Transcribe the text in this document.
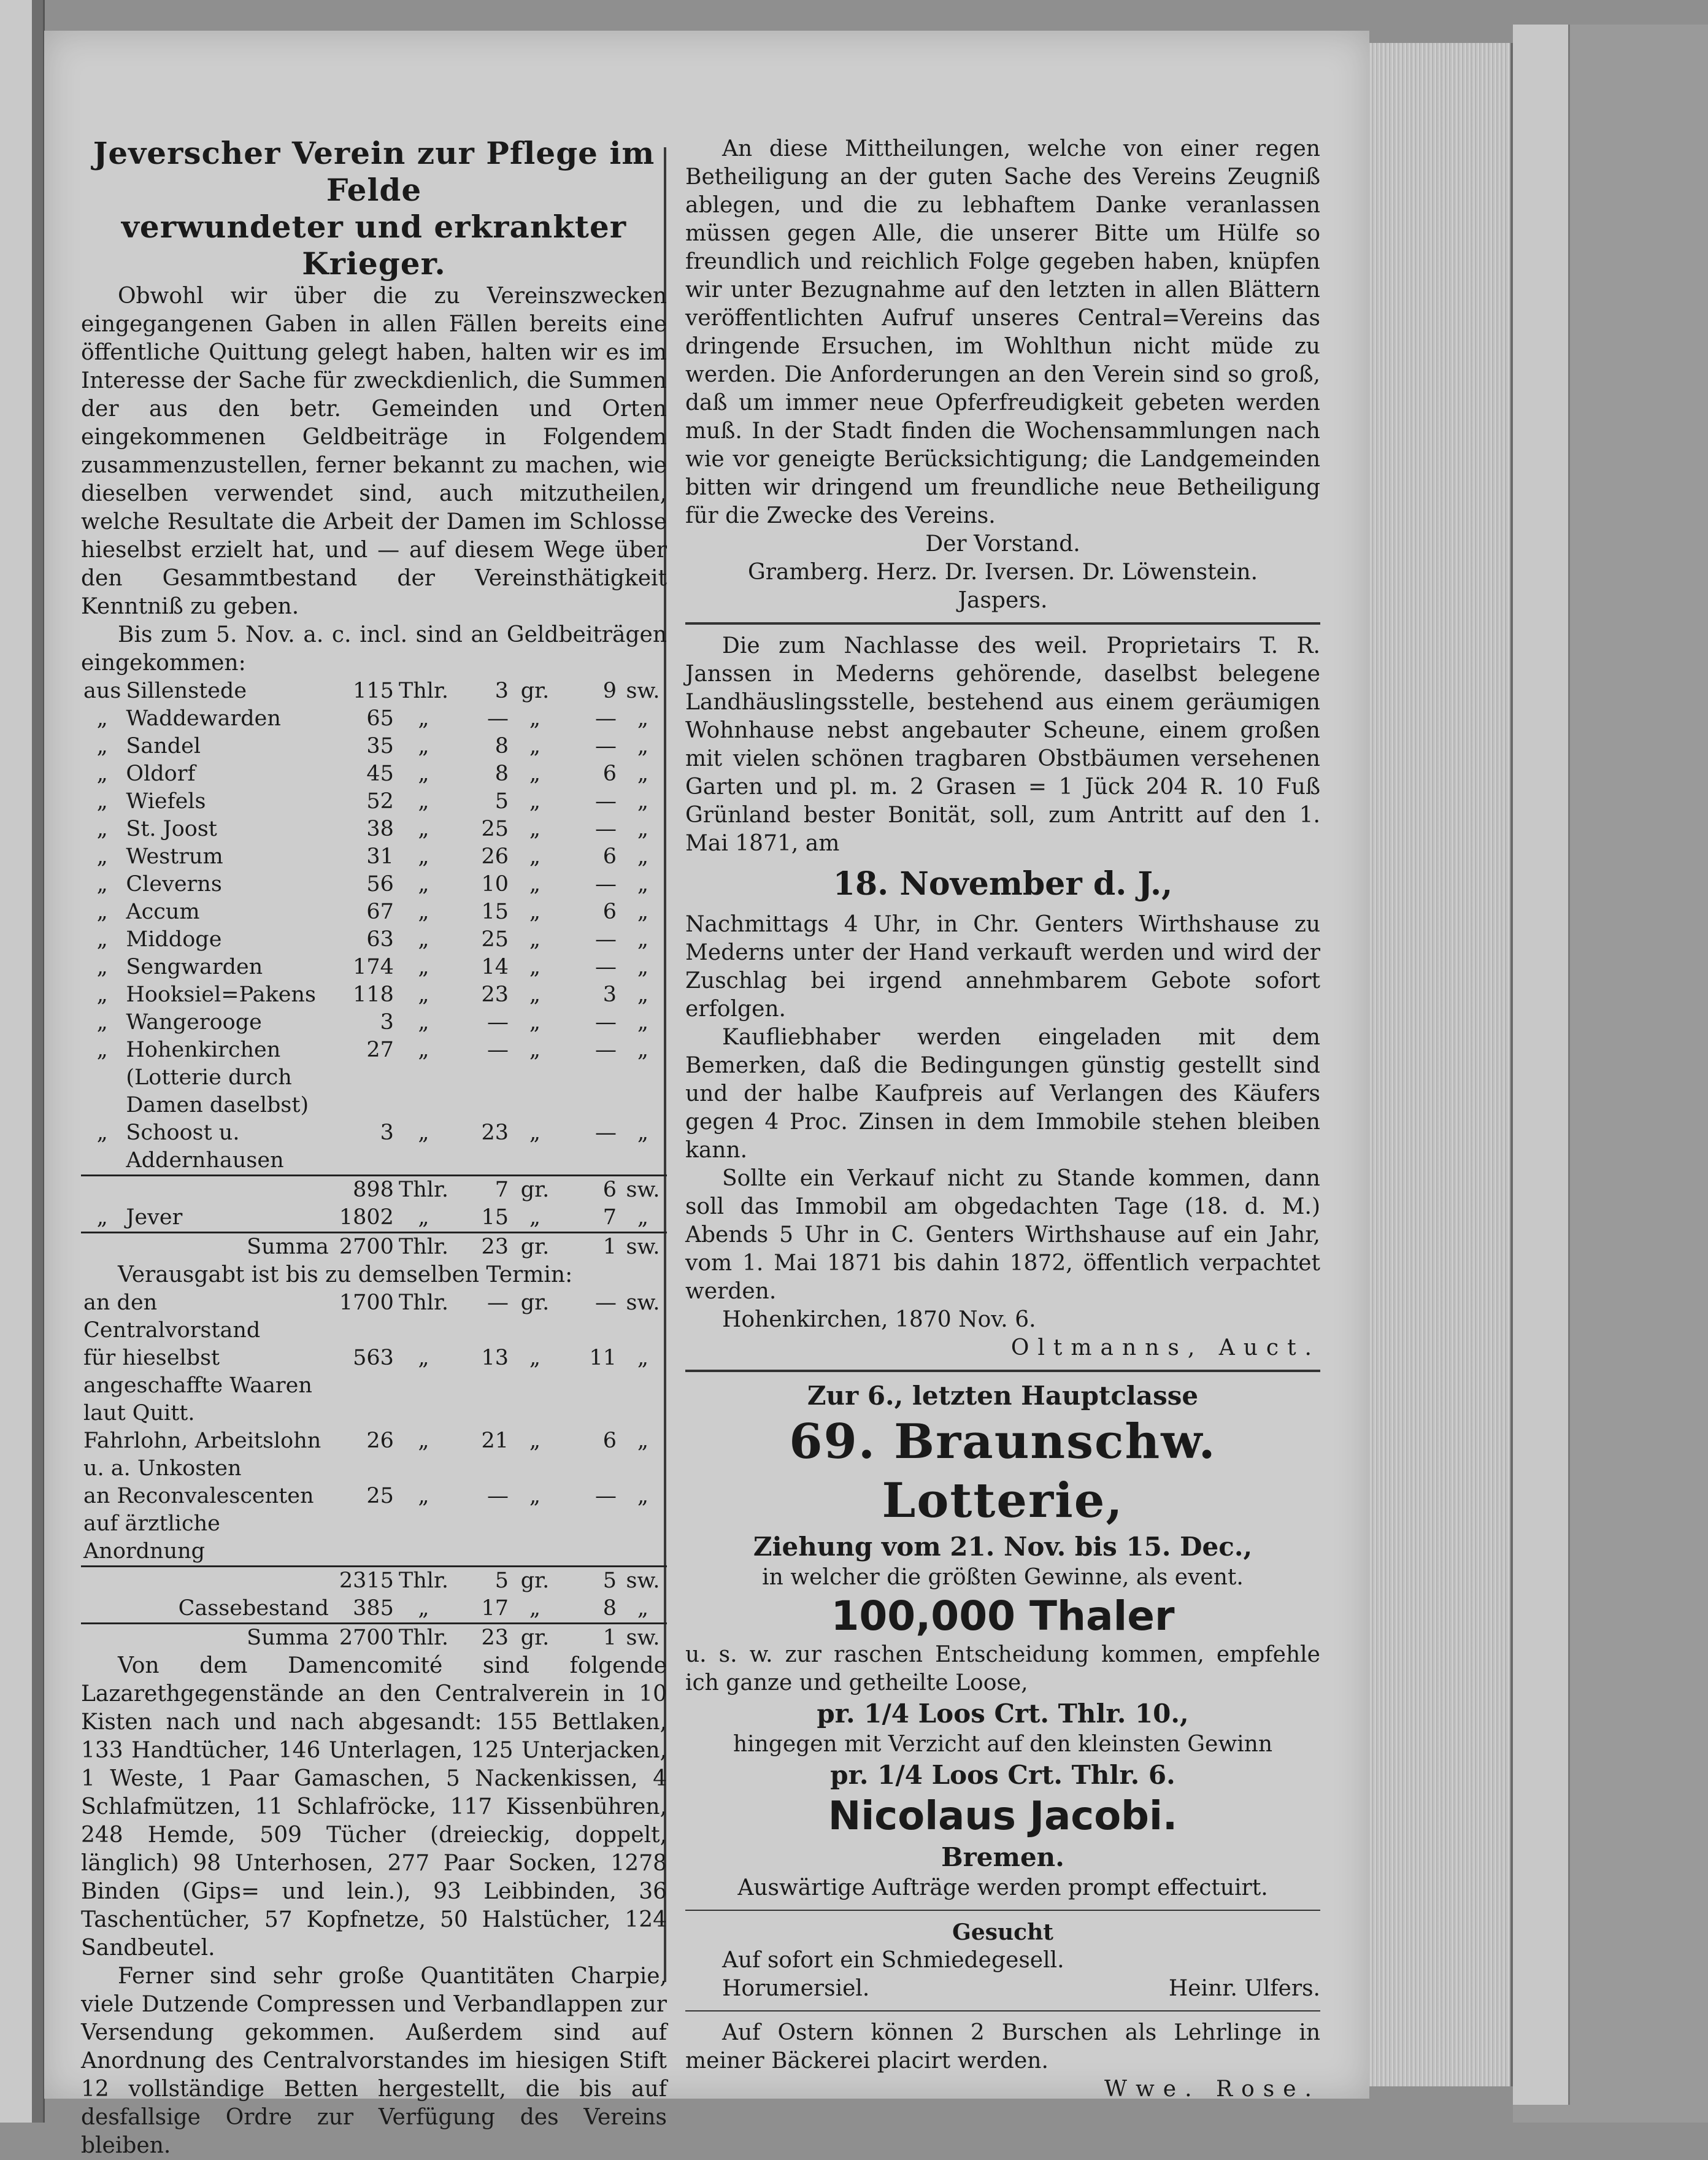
Jeverscher Verein zur Pflege im Felde
verwundeter und erkrankter Krieger.

Obwohl wir über die zu Vereinszwecken eingegangenen Gaben in allen Fällen bereits eine öffentliche Quittung gelegt haben, halten wir es im Interesse der Sache für zweckdienlich, die Summen der aus den betr. Gemeinden und Orten eingekommenen Geldbeiträge in Folgendem zusammenzustellen, ferner bekannt zu machen, wie dieselben verwendet sind, auch mitzutheilen, welche Resultate die Arbeit der Damen im Schlosse hieselbst erzielt hat, und — auf diesem Wege über den Gesammtbestand der Vereinsthätigkeit Kenntniß zu geben.

Bis zum 5. Nov. a. c. incl. sind an Geldbeiträgen eingekommen:

aus	Sillenstede	115	Thlr.	3	gr.	9	sw.
„	Waddewarden	65	„	—	„	—	„
„	Sandel	35	„	8	„	—	„
„	Oldorf	45	„	8	„	6	„
„	Wiefels	52	„	5	„	—	„
„	St. Joost	38	„	25	„	—	„
„	Westrum	31	„	26	„	6	„
„	Cleverns	56	„	10	„	—	„
„	Accum	67	„	15	„	6	„
„	Middoge	63	„	25	„	—	„
„	Sengwarden	174	„	14	„	—	„
„	Hooksiel=Pakens	118	„	23	„	3	„
„	Wangerooge	3	„	—	„	—	„
„	Hohenkirchen (Lotterie durch Damen daselbst)	27	„	—	„	—	„
„	Schoost u. Addernhausen	3	„	23	„	—	„
		898	Thlr.	7	gr.	6	sw.
„	Jever	1802	„	15	„	7	„
	Summa	2700	Thlr.	23	gr.	1	sw.

Verausgabt ist bis zu demselben Termin:

an den Centralvorstand	1700	Thlr.	—	gr.	—	sw.
für hieselbst angeschaffte Waaren laut Quitt.	563	„	13	„	11	„
Fahrlohn, Arbeitslohn u. a. Unkosten	26	„	21	„	6	„
an Reconvalescenten auf ärztliche Anordnung	25	„	—	„	—	„
	2315	Thlr.	5	gr.	5	sw.
Cassebestand	385	„	17	„	8	„
Summa	2700	Thlr.	23	gr.	1	sw.

Von dem Damencomité sind folgende Lazarethgegenstände an den Centralverein in 10 Kisten nach und nach abgesandt: 155 Bettlaken, 133 Handtücher, 146 Unterlagen, 125 Unterjacken, 1 Weste, 1 Paar Gamaschen, 5 Nackenkissen, 4 Schlafmützen, 11 Schlafröcke, 117 Kissenbühren, 248 Hemde, 509 Tücher (dreieckig, doppelt, länglich) 98 Unterhosen, 277 Paar Socken, 1278 Binden (Gips= und lein.), 93 Leibbinden, 36 Taschentücher, 57 Kopfnetze, 50 Halstücher, 124 Sandbeutel.

Ferner sind sehr große Quantitäten Charpie, viele Dutzende Compressen und Verbandlappen zur Versendung gekommen. Außerdem sind auf Anordnung des Centralvorstandes im hiesigen Stift 12 vollständige Betten hergestellt, die bis auf desfallsige Ordre zur Verfügung des Vereins bleiben.

An diese Mittheilungen, welche von einer regen Betheiligung an der guten Sache des Vereins Zeugniß ablegen, und die zu lebhaftem Danke veranlassen müssen gegen Alle, die unserer Bitte um Hülfe so freundlich und reichlich Folge gegeben haben, knüpfen wir unter Bezugnahme auf den letzten in allen Blättern veröffentlichten Aufruf unseres Central=Vereins das dringende Ersuchen, im Wohlthun nicht müde zu werden. Die Anforderungen an den Verein sind so groß, daß um immer neue Opferfreudigkeit gebeten werden muß. In der Stadt finden die Wochensammlungen nach wie vor geneigte Berücksichtigung; die Landgemeinden bitten wir dringend um freundliche neue Betheiligung für die Zwecke des Vereins.

Der Vorstand.

Gramberg. Herz. Dr. Iversen. Dr. Löwenstein.

Jaspers.

Die zum Nachlasse des weil. Proprietairs T. R. Janssen in Mederns gehörende, daselbst belegene Landhäuslingsstelle, bestehend aus einem geräumigen Wohnhause nebst angebauter Scheune, einem großen mit vielen schönen tragbaren Obstbäumen versehenen Garten und pl. m. 2 Grasen = 1 Jück 204 R. 10 Fuß Grünland bester Bonität, soll, zum Antritt auf den 1. Mai 1871, am

18. November d. J.,

Nachmittags 4 Uhr, in Chr. Genters Wirthshause zu Mederns unter der Hand verkauft werden und wird der Zuschlag bei irgend annehmbarem Gebote sofort erfolgen.

Kaufliebhaber werden eingeladen mit dem Bemerken, daß die Bedingungen günstig gestellt sind und der halbe Kaufpreis auf Verlangen des Käufers gegen 4 Proc. Zinsen in dem Immobile stehen bleiben kann.

Sollte ein Verkauf nicht zu Stande kommen, dann soll das Immobil am obgedachten Tage (18. d. M.) Abends 5 Uhr in C. Genters Wirthshause auf ein Jahr, vom 1. Mai 1871 bis dahin 1872, öffentlich verpachtet werden.

Hohenkirchen, 1870 Nov. 6.

Oltmanns, Auct.

Zur 6., letzten Hauptclasse
69. Braunschw. Lotterie,
Ziehung vom 21. Nov. bis 15. Dec.,

in welcher die größten Gewinne, als event.

100,000 Thaler

u. s. w. zur raschen Entscheidung kommen, empfehle ich ganze und getheilte Loose,

pr. 1/4 Loos Crt. Thlr. 10.,

hingegen mit Verzicht auf den kleinsten Gewinn

pr. 1/4 Loos Crt. Thlr. 6.
Nicolaus Jacobi.
Bremen.

Auswärtige Aufträge werden prompt effectuirt.

Gesucht

Auf sofort ein Schmiedegesell.

Horumersiel.	Heinr. Ulfers.

Auf Ostern können 2 Burschen als Lehrlinge in meiner Bäckerei placirt werden.

Wwe. Rose.
